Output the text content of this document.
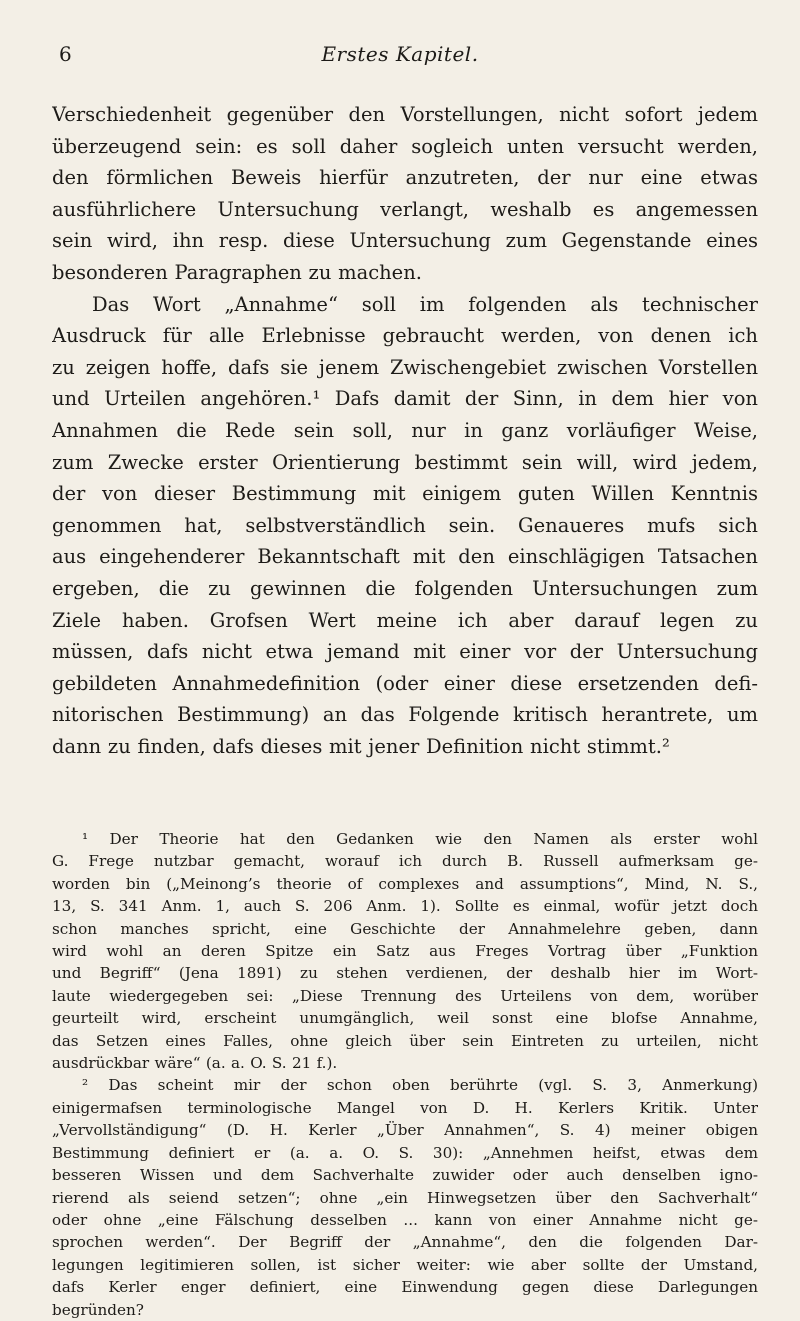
6	Erstes Kapitel.

Verschiedenheit gegenüber den Vorstellungen, nicht sofort jedem

überzeugend sein: es soll daher sogleich unten versucht werden,

den förmlichen Beweis hierfür anzutreten, der nur eine etwas

ausführlichere Untersuchung verlangt, weshalb es angemessen

sein wird, ihn resp. diese Untersuchung zum Gegenstande eines

besonderen Paragraphen zu machen.

Das Wort „Annahme“ soll im folgenden als technischer

Ausdruck für alle Erlebnisse gebraucht werden, von denen ich

zu zeigen hoffe, dafs sie jenem Zwischengebiet zwischen Vorstellen

und Urteilen angehören.¹ Dafs damit der Sinn, in dem hier von

Annahmen die Rede sein soll, nur in ganz vorläufiger Weise,

zum Zwecke erster Orientierung bestimmt sein will, wird jedem,

der von dieser Bestimmung mit einigem guten Willen Kenntnis

genommen hat, selbstverständlich sein. Genaueres mufs sich

aus eingehenderer Bekanntschaft mit den einschlägigen Tatsachen

ergeben, die zu gewinnen die folgenden Untersuchungen zum

Ziele haben. Grofsen Wert meine ich aber darauf legen zu

müssen, dafs nicht etwa jemand mit einer vor der Untersuchung

gebildeten Annahmedefinition (oder einer diese ersetzenden defi-

nitorischen Bestimmung) an das Folgende kritisch herantrete, um

dann zu finden, dafs dieses mit jener Definition nicht stimmt.²

¹ Der Theorie hat den Gedanken wie den Namen als erster wohl

G. Frege nutzbar gemacht, worauf ich durch B. Russell aufmerksam ge-

worden bin („Meinong’s theorie of complexes and assumptions“, Mind, N. S.,

13, S. 341 Anm. 1, auch S. 206 Anm. 1). Sollte es einmal, wofür jetzt doch

schon manches spricht, eine Geschichte der Annahmelehre geben, dann

wird wohl an deren Spitze ein Satz aus Freges Vortrag über „Funktion

und Begriff“ (Jena 1891) zu stehen verdienen, der deshalb hier im Wort-

laute wiedergegeben sei: „Diese Trennung des Urteilens von dem, worüber

geurteilt wird, erscheint unumgänglich, weil sonst eine blofse Annahme,

das Setzen eines Falles, ohne gleich über sein Eintreten zu urteilen, nicht

ausdrückbar wäre“ (a. a. O. S. 21 f.).

² Das scheint mir der schon oben berührte (vgl. S. 3, Anmerkung)

einigermafsen terminologische Mangel von D. H. Kerlers Kritik. Unter

„Vervollständigung“ (D. H. Kerler „Über Annahmen“, S. 4) meiner obigen

Bestimmung definiert er (a. a. O. S. 30): „Annehmen heifst, etwas dem

besseren Wissen und dem Sachverhalte zuwider oder auch denselben igno-

rierend als seiend setzen“; ohne „ein Hinwegsetzen über den Sachverhalt“

oder ohne „eine Fälschung desselben ... kann von einer Annahme nicht ge-

sprochen werden“. Der Begriff der „Annahme“, den die folgenden Dar-

legungen legitimieren sollen, ist sicher weiter: wie aber sollte der Umstand,

dafs Kerler enger definiert, eine Einwendung gegen diese Darlegungen

begründen?
